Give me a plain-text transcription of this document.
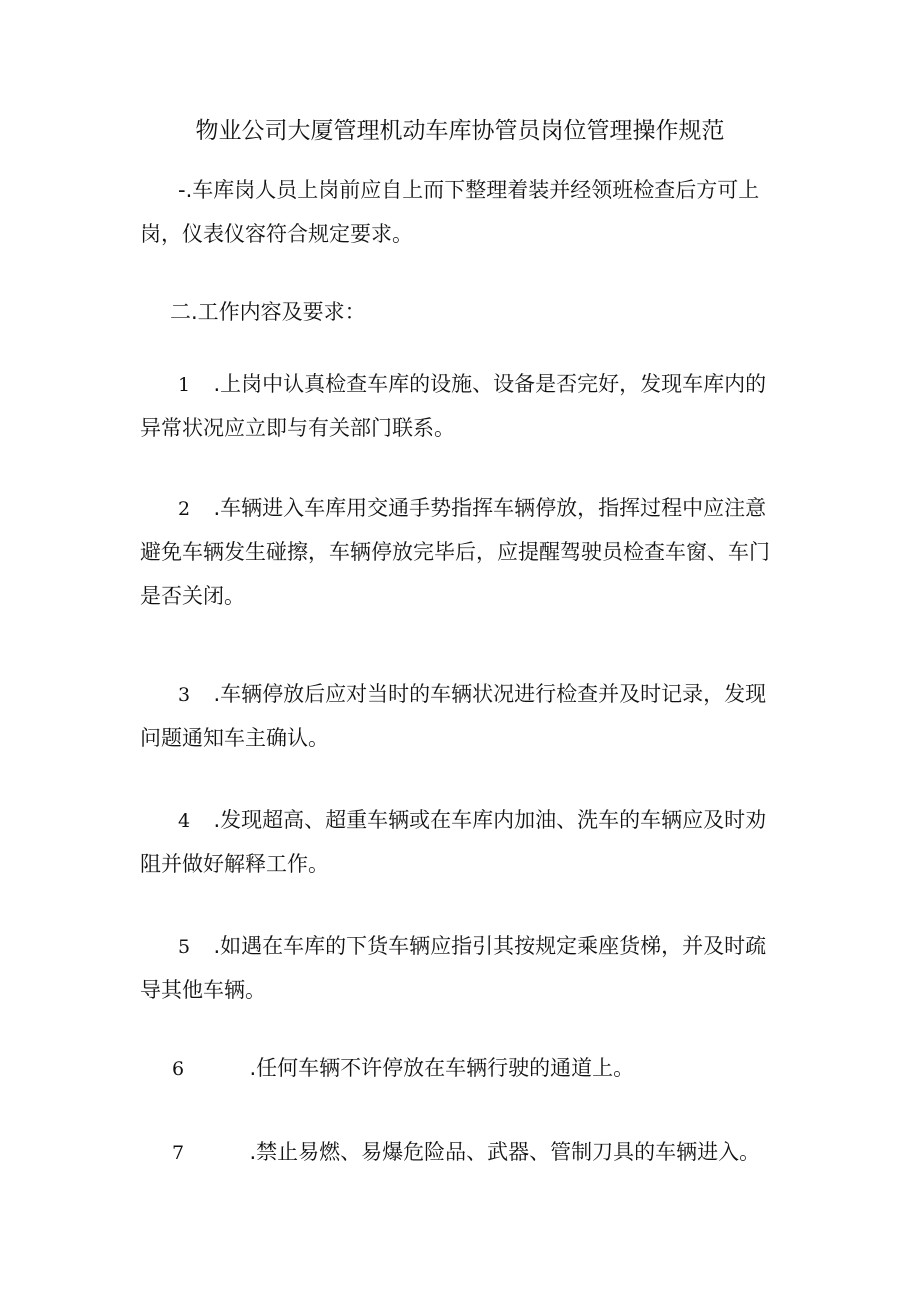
物业公司大厦管理机动车库协管员岗位管理操作规范
-.车库岗人员上岗前应自上而下整理着装并经领班检查后方可上
岗，仪表仪容符合规定要求。
二.工作内容及要求：
1 .上岗中认真检查车库的设施、设备是否完好，发现车库内的
异常状况应立即与有关部门联系。
2 .车辆进入车库用交通手势指挥车辆停放，指挥过程中应注意
避免车辆发生碰擦，车辆停放完毕后，应提醒驾驶员检查车窗、车门
是否关闭。
3 .车辆停放后应对当时的车辆状况进行检查并及时记录，发现
问题通知车主确认。
4 .发现超高、超重车辆或在车库内加油、洗车的车辆应及时劝
阻并做好解释工作。
5 .如遇在车库的下货车辆应指引其按规定乘座货梯，并及时疏
导其他车辆。
6	.任何车辆不许停放在车辆行驶的通道上。
7	.禁止易燃、易爆危险品、武器、管制刀具的车辆进入。
